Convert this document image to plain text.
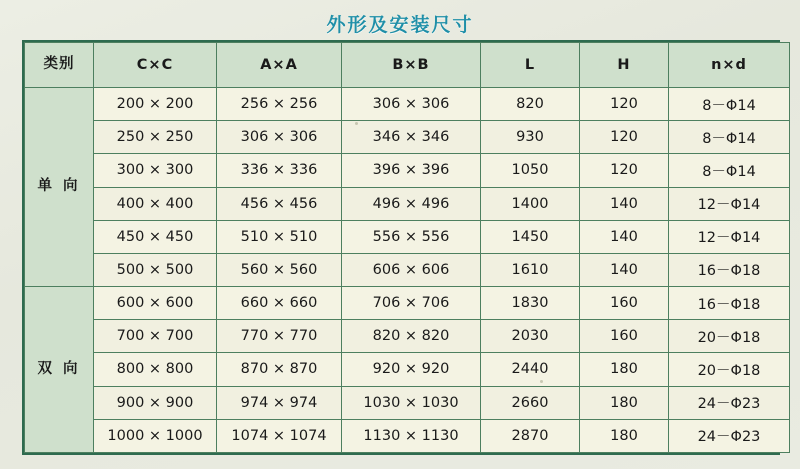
外形及安装尺寸
类别	C×C	A×A	B×B	L	H	n×d
单 向	200 × 200	256 × 256	306 × 306	820	120	8－Φ14
	250 × 250	306 × 306	346 × 346	930	120	8－Φ14
	300 × 300	336 × 336	396 × 396	1050	120	8－Φ14
	400 × 400	456 × 456	496 × 496	1400	140	12－Φ14
	450 × 450	510 × 510	556 × 556	1450	140	12－Φ14
	500 × 500	560 × 560	606 × 606	1610	140	16－Φ18
双 向	600 × 600	660 × 660	706 × 706	1830	160	16－Φ18
	700 × 700	770 × 770	820 × 820	2030	160	20－Φ18
	800 × 800	870 × 870	920 × 920	2440	180	20－Φ18
	900 × 900	974 × 974	1030 × 1030	2660	180	24－Φ23
	1000 × 1000	1074 × 1074	1130 × 1130	2870	180	24－Φ23
